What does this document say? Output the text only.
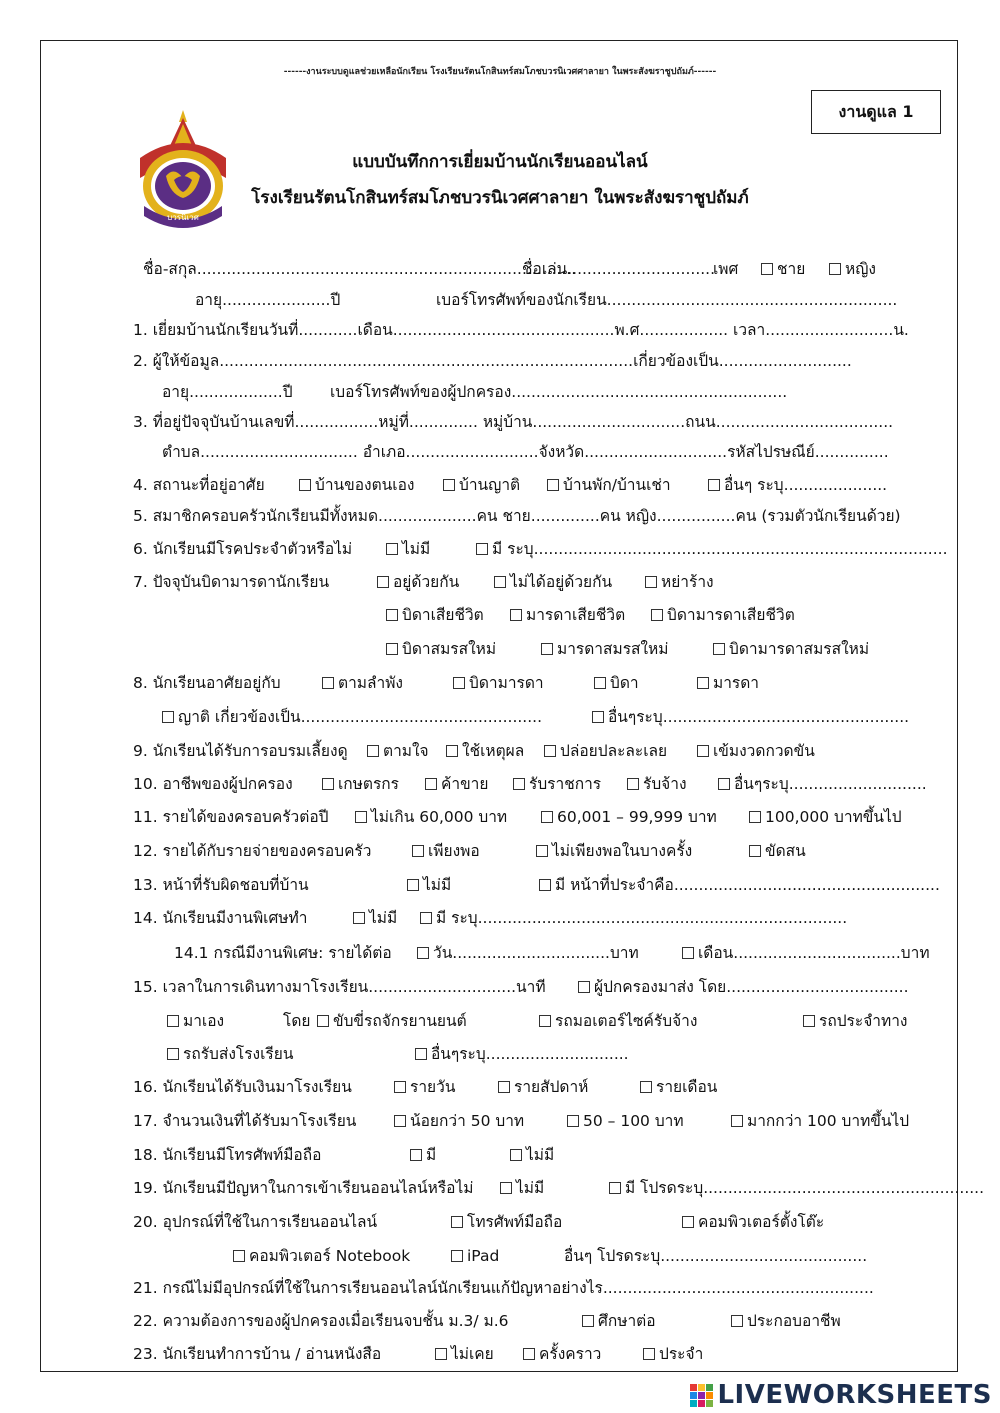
------งานระบบดูแลช่วยเหลือนักเรียน โรงเรียนรัตนโกสินทร์สมโภชบวรนิเวศศาลายา ในพระสังฆราชูปถัมภ์------
งานดูแล 1
บวรนิเวศ
แบบบันทึกการเยี่ยมบ้านนักเรียนออนไลน์
โรงเรียนรัตนโกสินทร์สมโภชบวรนิเวศศาลายา ในพระสังฆราชูปถัมภ์
ชื่อ-สกุล.............................................................................
ชื่อเล่น..............................
เพศ	ชาย	หญิง
อายุ......................ปี	เบอร์โทรศัพท์ของนักเรียน...........................................................
1. เยี่ยมบ้านนักเรียนวันที่............เดือน.............................................พ.ศ.................. เวลา..........................น.
2. ผู้ให้ข้อมูล....................................................................................เกี่ยวข้องเป็น...........................
อายุ...................ปี เบอร์โทรศัพท์ของผู้ปกครอง........................................................
3. ที่อยู่ปัจจุบันบ้านเลขที่.................หมู่ที่.............. หมู่บ้าน...............................ถนน....................................
ตำบล................................ อำเภอ...........................จังหวัด.............................รหัสไปรษณีย์...............
4. สถานะที่อยู่อาศัย	บ้านของตนเอง	บ้านญาติ	บ้านพัก/บ้านเช่า	อื่นๆ ระบุ.....................
5. สมาชิกครอบครัวนักเรียนมีทั้งหมด....................คน ชาย..............คน หญิง................คน (รวมตัวนักเรียนด้วย)
6. นักเรียนมีโรคประจำตัวหรือไม่	ไม่มี	มี ระบุ....................................................................................
7. ปัจจุบันบิดามารดานักเรียน	อยู่ด้วยกัน	ไม่ได้อยู่ด้วยกัน	หย่าร้าง
บิดาเสียชีวิต	มารดาเสียชีวิต	บิดามารดาเสียชีวิต
บิดาสมรสใหม่	มารดาสมรสใหม่	บิดามารดาสมรสใหม่
8. นักเรียนอาศัยอยู่กับ	ตามลำพัง	บิดามารดา	บิดา	มารดา
ญาติ เกี่ยวข้องเป็น.................................................	อื่นๆระบุ..................................................
9. นักเรียนได้รับการอบรมเลี้ยงดู	ตามใจ	ใช้เหตุผล	ปล่อยปละละเลย	เข้มงวดกวดขัน
10. อาชีพของผู้ปกครอง	เกษตรกร	ค้าขาย	รับราชการ	รับจ้าง	อื่นๆระบุ............................
11. รายได้ของครอบครัวต่อปี	ไม่เกิน 60,000 บาท	60,001 – 99,999 บาท	100,000 บาทขึ้นไป
12. รายได้กับรายจ่ายของครอบครัว	เพียงพอ	ไม่เพียงพอในบางครั้ง	ขัดสน
13. หน้าที่รับผิดชอบที่บ้าน	ไม่มี	มี หน้าที่ประจำคือ......................................................
14. นักเรียนมีงานพิเศษทำ	ไม่มี	มี ระบุ...........................................................................
14.1 กรณีมีงานพิเศษ: รายได้ต่อ	วัน................................บาท	เดือน..................................บาท
15. เวลาในการเดินทางมาโรงเรียน..............................นาที	ผู้ปกครองมาส่ง โดย.....................................
มาเอง	โดย	ขับขี่รถจักรยานยนต์	รถมอเตอร์ไซค์รับจ้าง	รถประจำทาง
รถรับส่งโรงเรียน	อื่นๆระบุ.............................
16. นักเรียนได้รับเงินมาโรงเรียน	รายวัน	รายสัปดาห์	รายเดือน
17. จำนวนเงินที่ได้รับมาโรงเรียน	น้อยกว่า 50 บาท	50 – 100 บาท	มากกว่า 100 บาทขึ้นไป
18. นักเรียนมีโทรศัพท์มือถือ	มี	ไม่มี
19. นักเรียนมีปัญหาในการเข้าเรียนออนไลน์หรือไม่	ไม่มี	มี โปรดระบุ.........................................................
20. อุปกรณ์ที่ใช้ในการเรียนออนไลน์	โทรศัพท์มือถือ	คอมพิวเตอร์ตั้งโต๊ะ
คอมพิวเตอร์ Notebook	iPad	อื่นๆ โปรดระบุ..........................................
21. กรณีไม่มีอุปกรณ์ที่ใช้ในการเรียนออนไลน์นักเรียนแก้ปัญหาอย่างไร.......................................................
22. ความต้องการของผู้ปกครองเมื่อเรียนจบชั้น ม.3/ ม.6	ศึกษาต่อ	ประกอบอาชีพ
23. นักเรียนทำการบ้าน / อ่านหนังสือ	ไม่เคย	ครั้งคราว	ประจำ
LIVEWORKSHEETS
